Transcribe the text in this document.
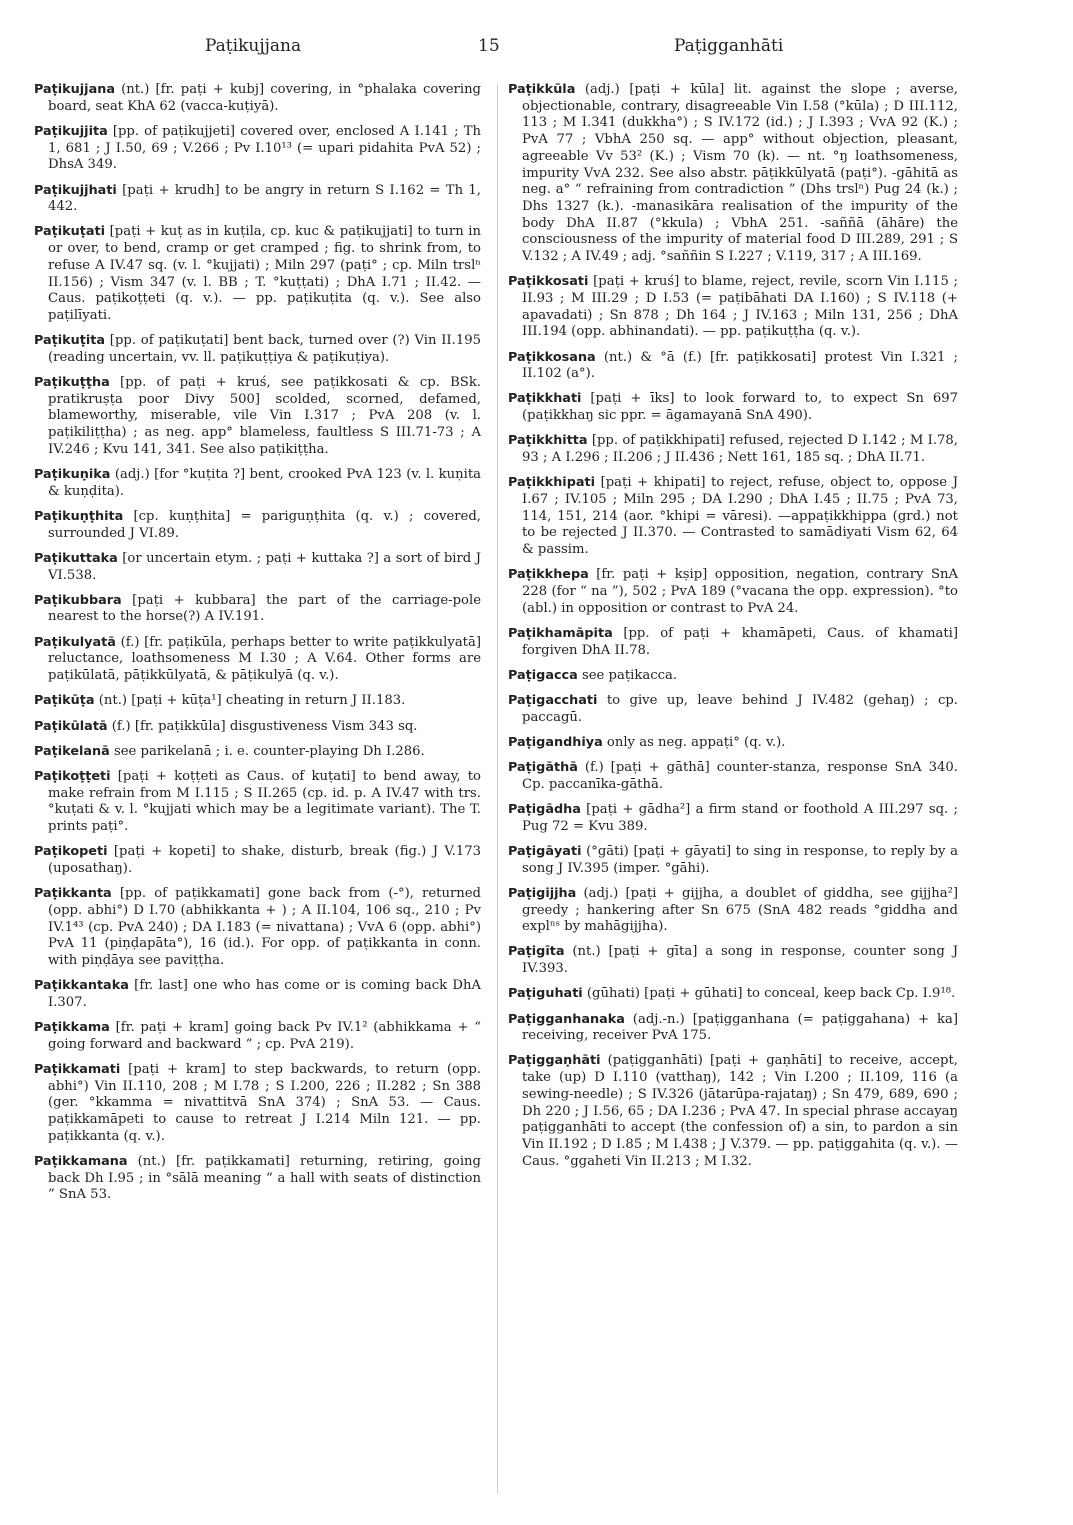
Paṭikujjana	15	Paṭigganhāti

Paṭikujjana (nt.) [fr. paṭi + kubj] covering, in °phalaka covering board, seat KhA 62 (vacca-kuṭiyā).

Paṭikujjita [pp. of paṭikujjeti] covered over, enclosed A I.141 ; Th 1, 681 ; J I.50, 69 ; V.266 ; Pv I.10¹³ (= upari pidahita PvA 52) ; DhsA 349.

Paṭikujjhati [paṭi + krudh] to be angry in return S I.162 = Th 1, 442.

Paṭikuṭati [paṭi + kuṭ as in kuṭila, cp. kuc & paṭikujjati] to turn in or over, to bend, cramp or get cramped ; fig. to shrink from, to refuse A IV.47 sq. (v. l. °kujjati) ; Miln 297 (paṭi° ; cp. Miln trslⁿ II.156) ; Vism 347 (v. l. BB ; T. °kuṭṭati) ; DhA I.71 ; II.42. — Caus. paṭikoṭṭeti (q. v.). — pp. paṭikuṭita (q. v.). See also paṭilīyati.

Paṭikuṭita [pp. of paṭikuṭati] bent back, turned over (?) Vin II.195 (reading uncertain, vv. ll. paṭikuṭṭiya & paṭikuṭiya).

Paṭikuṭṭha [pp. of paṭi + kruś, see paṭikkosati & cp. BSk. pratikruṣṭa poor Divy 500] scolded, scorned, defamed, blameworthy, miserable, vile Vin I.317 ; PvA 208 (v. l. paṭikiliṭṭha) ; as neg. app° blameless, faultless S III.71-73 ; A IV.246 ; Kvu 141, 341. See also paṭikiṭṭha.

Paṭikuṇika (adj.) [for °kuṭita ?] bent, crooked PvA 123 (v. l. kuṇita & kuṇḍita).

Paṭikuṇṭhita [cp. kuṇṭhita] = pariguṇṭhita (q. v.) ; covered, surrounded J VI.89.

Paṭikuttaka [or uncertain etym. ; paṭi + kuttaka ?] a sort of bird J VI.538.

Paṭikubbara [paṭi + kubbara] the part of the carriage-pole nearest to the horse(?) A IV.191.

Paṭikulyatā (f.) [fr. paṭikūla, perhaps better to write paṭikkulyatā] reluctance, loathsomeness M I.30 ; A V.64. Other forms are paṭikūlatā, pāṭikkūlyatā, & pāṭikulyā (q. v.).

Paṭikūṭa (nt.) [paṭi + kūṭa¹] cheating in return J II.183.

Paṭikūlatā (f.) [fr. paṭikkūla] disgustiveness Vism 343 sq.

Paṭikelanā see parikelanā ; i. e. counter-playing Dh I.286.

Paṭikoṭṭeti [paṭi + koṭṭeti as Caus. of kuṭati] to bend away, to make refrain from M I.115 ; S II.265 (cp. id. p. A IV.47 with trs. °kuṭati & v. l. °kujjati which may be a legitimate variant). The T. prints paṭi°.

Paṭikopeti [paṭi + kopeti] to shake, disturb, break (fig.) J V.173 (uposathaŋ).

Paṭikkanta [pp. of paṭikkamati] gone back from (-°), returned (opp. abhi°) D I.70 (abhikkanta + ) ; A II.104, 106 sq., 210 ; Pv IV.1⁴³ (cp. PvA 240) ; DA I.183 (= nivattana) ; VvA 6 (opp. abhi°) PvA 11 (piṇḍapāta°), 16 (id.). For opp. of paṭikkanta in conn. with piṇḍāya see paviṭṭha.

Paṭikkantaka [fr. last] one who has come or is coming back DhA I.307.

Paṭikkama [fr. paṭi + kram] going back Pv IV.1² (abhikkama + “ going forward and backward ” ; cp. PvA 219).

Paṭikkamati [paṭi + kram] to step backwards, to return (opp. abhi°) Vin II.110, 208 ; M I.78 ; S I.200, 226 ; II.282 ; Sn 388 (ger. °kkamma = nivattitvā SnA 374) ; SnA 53. — Caus. paṭikkamāpeti to cause to retreat J I.214 Miln 121. — pp. paṭikkanta (q. v.).

Paṭikkamana (nt.) [fr. paṭikkamati] returning, retiring, going back Dh I.95 ; in °sālā meaning “ a hall with seats of distinction ” SnA 53.

Paṭikkūla (adj.) [paṭi + kūla] lit. against the slope ; averse, objectionable, contrary, disagreeable Vin I.58 (°kūla) ; D III.112, 113 ; M I.341 (dukkha°) ; S IV.172 (id.) ; J I.393 ; VvA 92 (K.) ; PvA 77 ; VbhA 250 sq. — app° without objection, pleasant, agreeable Vv 53² (K.) ; Vism 70 (k). — nt. °ŋ loathsomeness, impurity VvA 232. See also abstr. pāṭikkūlyatā (paṭi°). -gāhitā as neg. a° “ refraining from contradiction ” (Dhs trslⁿ) Pug 24 (k.) ; Dhs 1327 (k.). -manasikāra realisation of the impurity of the body DhA II.87 (°kkula) ; VbhA 251. -saññā (āhāre) the consciousness of the impurity of material food D III.289, 291 ; S V.132 ; A IV.49 ; adj. °saññin S I.227 ; V.119, 317 ; A III.169.

Paṭikkosati [paṭi + kruś] to blame, reject, revile, scorn Vin I.115 ; II.93 ; M III.29 ; D I.53 (= paṭibāhati DA I.160) ; S IV.118 (+ apavadati) ; Sn 878 ; Dh 164 ; J IV.163 ; Miln 131, 256 ; DhA III.194 (opp. abhinandati). — pp. paṭikuṭṭha (q. v.).

Paṭikkosana (nt.) & °ā (f.) [fr. paṭikkosati] protest Vin I.321 ; II.102 (a°).

Paṭikkhati [paṭi + īks] to look forward to, to expect Sn 697 (paṭikkhaŋ sic ppr. = āgamayanā SnA 490).

Paṭikkhitta [pp. of paṭikkhipati] refused, rejected D I.142 ; M I.78, 93 ; A I.296 ; II.206 ; J II.436 ; Nett 161, 185 sq. ; DhA II.71.

Paṭikkhipati [paṭi + khipati] to reject, refuse, object to, oppose J I.67 ; IV.105 ; Miln 295 ; DA I.290 ; DhA I.45 ; II.75 ; PvA 73, 114, 151, 214 (aor. °khipi = vāresi). —appaṭikkhippa (grd.) not to be rejected J II.370. — Contrasted to samādiyati Vism 62, 64 & passim.

Paṭikkhepa [fr. paṭi + kṣip] opposition, negation, contrary SnA 228 (for “ na ”), 502 ; PvA 189 (°vacana the opp. expression). °to (abl.) in opposition or contrast to PvA 24.

Paṭikhamāpita [pp. of paṭi + khamāpeti, Caus. of khamati] forgiven DhA II.78.

Paṭigacca see paṭikacca.

Paṭigacchati to give up, leave behind J IV.482 (gehaŋ) ; cp. paccagū.

Paṭigandhiya only as neg. appaṭi° (q. v.).

Paṭigāthā (f.) [paṭi + gāthā] counter-stanza, response SnA 340. Cp. paccanīka-gāthā.

Paṭigādha [paṭi + gādha²] a firm stand or foothold A III.297 sq. ; Pug 72 = Kvu 389.

Paṭigāyati (°gāti) [paṭi + gāyati] to sing in response, to reply by a song J IV.395 (imper. °gāhi).

Paṭigijjha (adj.) [paṭi + gijjha, a doublet of giddha, see gijjha²] greedy ; hankering after Sn 675 (SnA 482 reads °giddha and explⁿˢ by mahāgijjha).

Paṭigīta (nt.) [paṭi + gīta] a song in response, counter song J IV.393.

Paṭiguhati (gūhati) [paṭi + gūhati] to conceal, keep back Cp. I.9¹⁸.

Paṭigganhanaka (adj.-n.) [paṭigganhana (= paṭiggahana) + ka] receiving, receiver PvA 175.

Paṭiggaṇhāti (paṭigganhāti) [paṭi + gaṇhāti] to receive, accept, take (up) D I.110 (vatthaŋ), 142 ; Vin I.200 ; II.109, 116 (a sewing-needle) ; S IV.326 (jātarūpa-rajataŋ) ; Sn 479, 689, 690 ; Dh 220 ; J I.56, 65 ; DA I.236 ; PvA 47. In special phrase accayaŋ paṭigganhāti to accept (the confession of) a sin, to pardon a sin Vin II.192 ; D I.85 ; M I.438 ; J V.379. — pp. paṭiggahita (q. v.). — Caus. °ggaheti Vin II.213 ; M I.32.
